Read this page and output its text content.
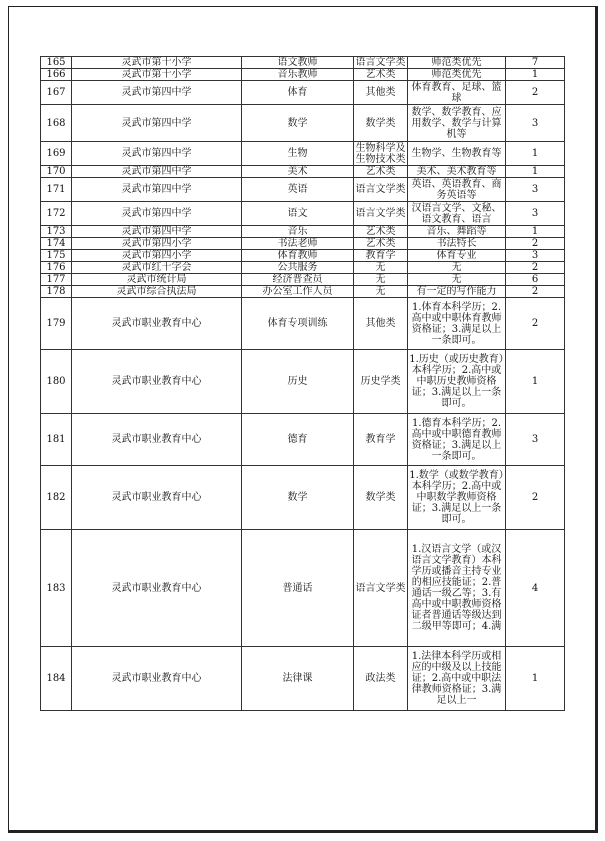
165	灵武市第十小学	语文教师	语言文学类	师范类优先	7
166	灵武市第十小学	音乐教师	艺术类	师范类优先	1
167	灵武市第四中学	体育	其他类	体育教育、足球、篮球	2
168	灵武市第四中学	数学	数学类	数学、数学教育、应用数学、数学与计算机等	3
169	灵武市第四中学	生物	生物科学及生物技术类	生物学、生物教育等	1
170	灵武市第四中学	美术	艺术类	美术、美术教育等	1
171	灵武市第四中学	英语	语言文学类	英语、英语教育、商务英语等	3
172	灵武市第四中学	语文	语言文学类	汉语言文学、文秘、语文教育、语言	3
173	灵武市第四中学	音乐	艺术类	音乐、舞蹈等	1
174	灵武市第四小学	书法老师	艺术类	书法特长	2
175	灵武市第四小学	体育教师	教育学	体育专业	3
176	灵武市红十字会	公共服务	无	无	2
177	灵武市统计局	经济普查员	无	无	6
178	灵武市综合执法局	办公室工作人员	无	有一定的写作能力	2
179	灵武市职业教育中心	体育专项训练	其他类	1.体育本科学历；2.高中或中职体育教师资格证；3.满足以上一条即可。	2
180	灵武市职业教育中心	历史	历史学类	1.历史（或历史教育）本科学历；2.高中或中职历史教师资格证；3.满足以上一条即可。	1
181	灵武市职业教育中心	德育	教育学	1.德育本科学历；2.高中或中职德育教师资格证；3.满足以上一条即可。	3
182	灵武市职业教育中心	数学	数学类	1.数学（或数学教育）本科学历；2.高中或中职数学教师资格证；3.满足以上一条即可。	2
183	灵武市职业教育中心	普通话	语言文学类	1.汉语言文学（或汉语言文学教育）本科学历或播音主持专业的相应技能证；2.普通话一级乙等；3.有高中或中职教师资格证者普通话等级达到二级甲等即可；4.满	4
184	灵武市职业教育中心	法律课	政法类	1.法律本科学历或相应的中级及以上技能证；2.高中或中职法律教师资格证；3.满足以上一	1
